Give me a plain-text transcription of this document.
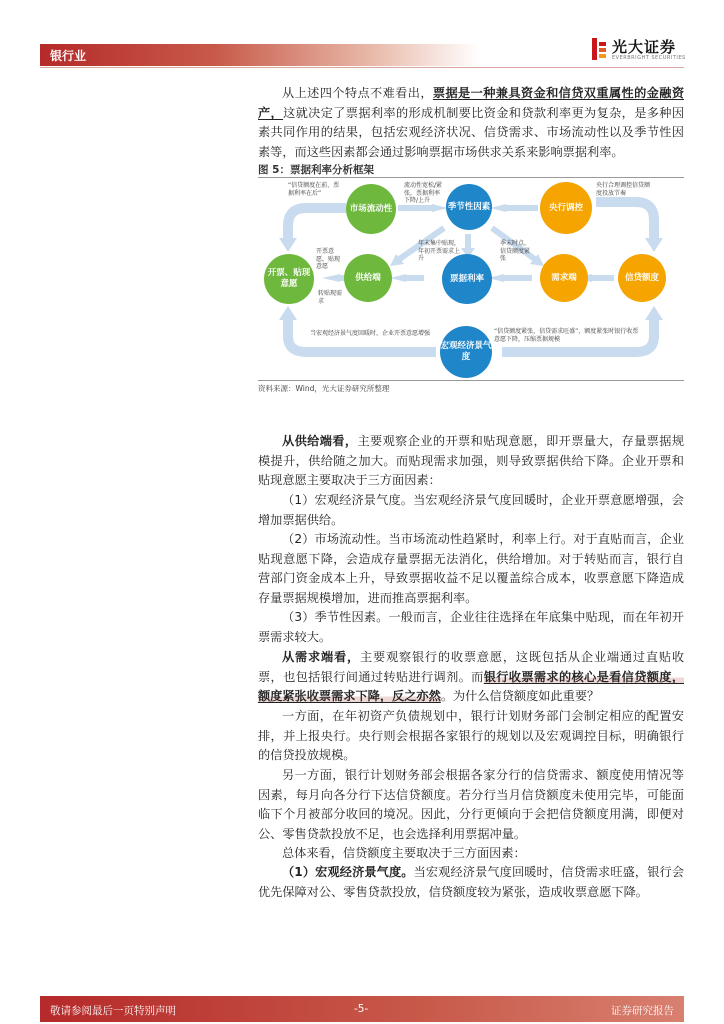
银行业	光大证券
EVERBRIGHT SECURITIES
从上述四个特点不难看出，票据是一种兼具资金和信贷双重属性的金融资产，这就决定了票据利率的形成机制要比资金和贷款利率更为复杂，是多种因素共同作用的结果，包括宏观经济状况、信贷需求、市场流动性以及季节性因素等，而这些因素都会通过影响票据市场供求关系来影响票据利率。
图 5：票据利率分析框架
市场流动性	季节性因素	央行调控
开票、贴现意愿
供给端	票据利率	需求端	信贷额度
宏观经济景气度
“信贷额度在前、票据利率在后”
流动性宽松/紧张，票据利率下降/上升
央行合理调控信贷额度投放节奏
年末集中贴现，年初开票需求上升
季末时点，信贷额度紧张
开票意愿，贴现意愿
转贴现需求
当宏观经济景气度回暖时，企业开票意愿增强	“信贷额度紧张，信贷需求旺盛”，额度紧张时银行收票意愿下降，压缩票据规模
资料来源：Wind，光大证券研究所整理
从供给端看，主要观察企业的开票和贴现意愿，即开票量大，存量票据规模提升，供给随之加大。而贴现需求加强，则导致票据供给下降。企业开票和贴现意愿主要取决于三方面因素：
（1）宏观经济景气度。当宏观经济景气度回暖时，企业开票意愿增强，会增加票据供给。
（2）市场流动性。当市场流动性趋紧时，利率上行。对于直贴而言，企业贴现意愿下降，会造成存量票据无法消化，供给增加。对于转贴而言，银行自营部门资金成本上升，导致票据收益不足以覆盖综合成本，收票意愿下降造成存量票据规模增加，进而推高票据利率。
（3）季节性因素。一般而言，企业往往选择在年底集中贴现，而在年初开票需求较大。
从需求端看，主要观察银行的收票意愿，这既包括从企业端通过直贴收票，也包括银行间通过转贴进行调剂。而银行收票需求的核心是看信贷额度，额度紧张收票需求下降，反之亦然。为什么信贷额度如此重要？
一方面，在年初资产负债规划中，银行计划财务部门会制定相应的配置安排，并上报央行。央行则会根据各家银行的规划以及宏观调控目标，明确银行的信贷投放规模。
另一方面，银行计划财务部会根据各家分行的信贷需求、额度使用情况等因素，每月向各分行下达信贷额度。若分行当月信贷额度未使用完毕，可能面临下个月被部分收回的境况。因此，分行更倾向于会把信贷额度用满，即便对公、零售贷款投放不足，也会选择利用票据冲量。
总体来看，信贷额度主要取决于三方面因素：
（1）宏观经济景气度。当宏观经济景气度回暖时，信贷需求旺盛，银行会优先保障对公、零售贷款投放，信贷额度较为紧张，造成收票意愿下降。
敬请参阅最后一页特别声明	-5-	证券研究报告
